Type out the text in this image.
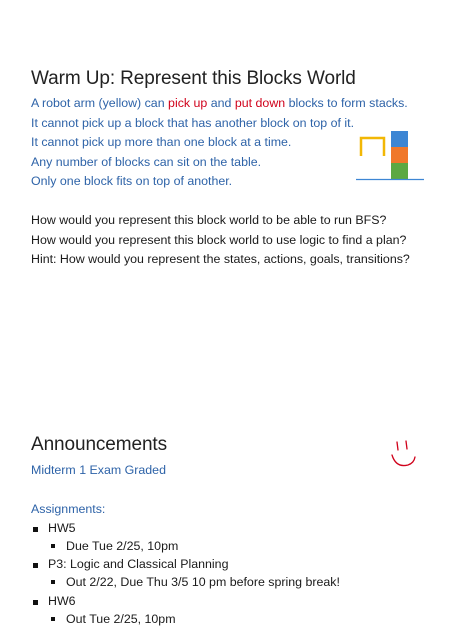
Warm Up: Represent this Blocks World
A robot arm (yellow) can pick up and put down blocks to form stacks.
It cannot pick up a block that has another block on top of it.
It cannot pick up more than one block at a time.
Any number of blocks can sit on the table.
Only one block fits on top of another.
How would you represent this block world to be able to run BFS?
How would you represent this block world to use logic to find a plan?
Hint: How would you represent the states, actions, goals, transitions?
Announcements
Midterm 1 Exam Graded
Assignments:
HW5
Due Tue 2/25, 10pm
P3: Logic and Classical Planning
Out 2/22, Due Thu 3/5 10 pm before spring break!
HW6
Out Tue 2/25, 10pm
